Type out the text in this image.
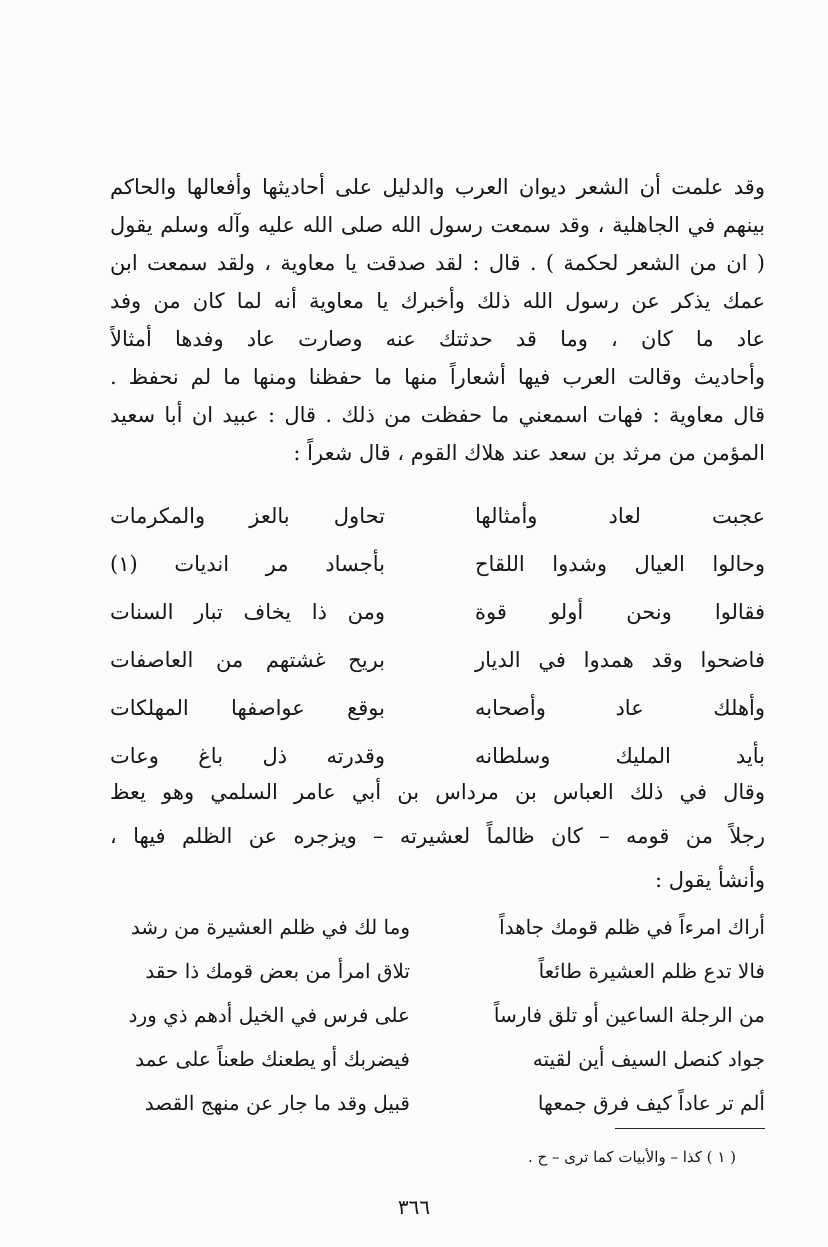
وقد علمت أن الشعر ديوان العرب والدليل على أحاديثها وأفعالها والحاكم
بينهم في الجاهلية ، وقد سمعت رسول الله صلى الله عليه وآله وسلم يقول
( ان من الشعر لحكمة ) . قال : لقد صدقت يا معاوية ، ولقد سمعت ابن
عمك يذكر عن رسول الله ذلك وأخبرك يا معاوية أنه لما كان من وفد
عاد ما كان ، وما قد حدثتك عنه وصارت عاد وفدها أمثالاً
وأحاديث وقالت العرب فيها أشعاراً منها ما حفظنا ومنها ما لم نحفظ .
قال معاوية : فهات اسمعني ما حفظت من ذلك . قال : عبيد ان أبا سعيد
المؤمن من مرثد بن سعد عند هلاك القوم ، قال شعراً :
عجبت لعاد وأمثالها
تحاول بالعز والمكرمات
وحالوا العيال وشدوا اللقاح
بأجساد مر انديات (١)
فقالوا ونحن أولو قوة
ومن ذا يخاف تبار السنات
فاضحوا وقد همدوا في الديار
بريح غشتهم من العاصفات
وأهلك عاد وأصحابه
بوقع عواصفها المهلكات
بأيد المليك وسلطانه
وقدرته ذل باغ وعات
وقال في ذلك العباس بن مرداس بن أبي عامر السلمي وهو يعظ
رجلاً من قومه – كان ظالماً لعشيرته – ويزجره عن الظلم فيها ،
وأنشأ يقول :
أراك امرءاً في ظلم قومك جاهداً
وما لك في ظلم العشيرة من رشد
فالا تدع ظلم العشيرة طائعاً
تلاق امرأ من بعض قومك ذا حقد
من الرجلة الساعين أو تلق فارساً
على فرس في الخيل أدهم ذي ورد
جواد كنصل السيف أين لقيته
فيضربك أو يطعنك طعناً على عمد
ألم تر عاداً كيف فرق جمعها
قبيل وقد ما جار عن منهج القصد
( ١ ) كذا – والأبيات كما ترى – ح .
٣٦٦
